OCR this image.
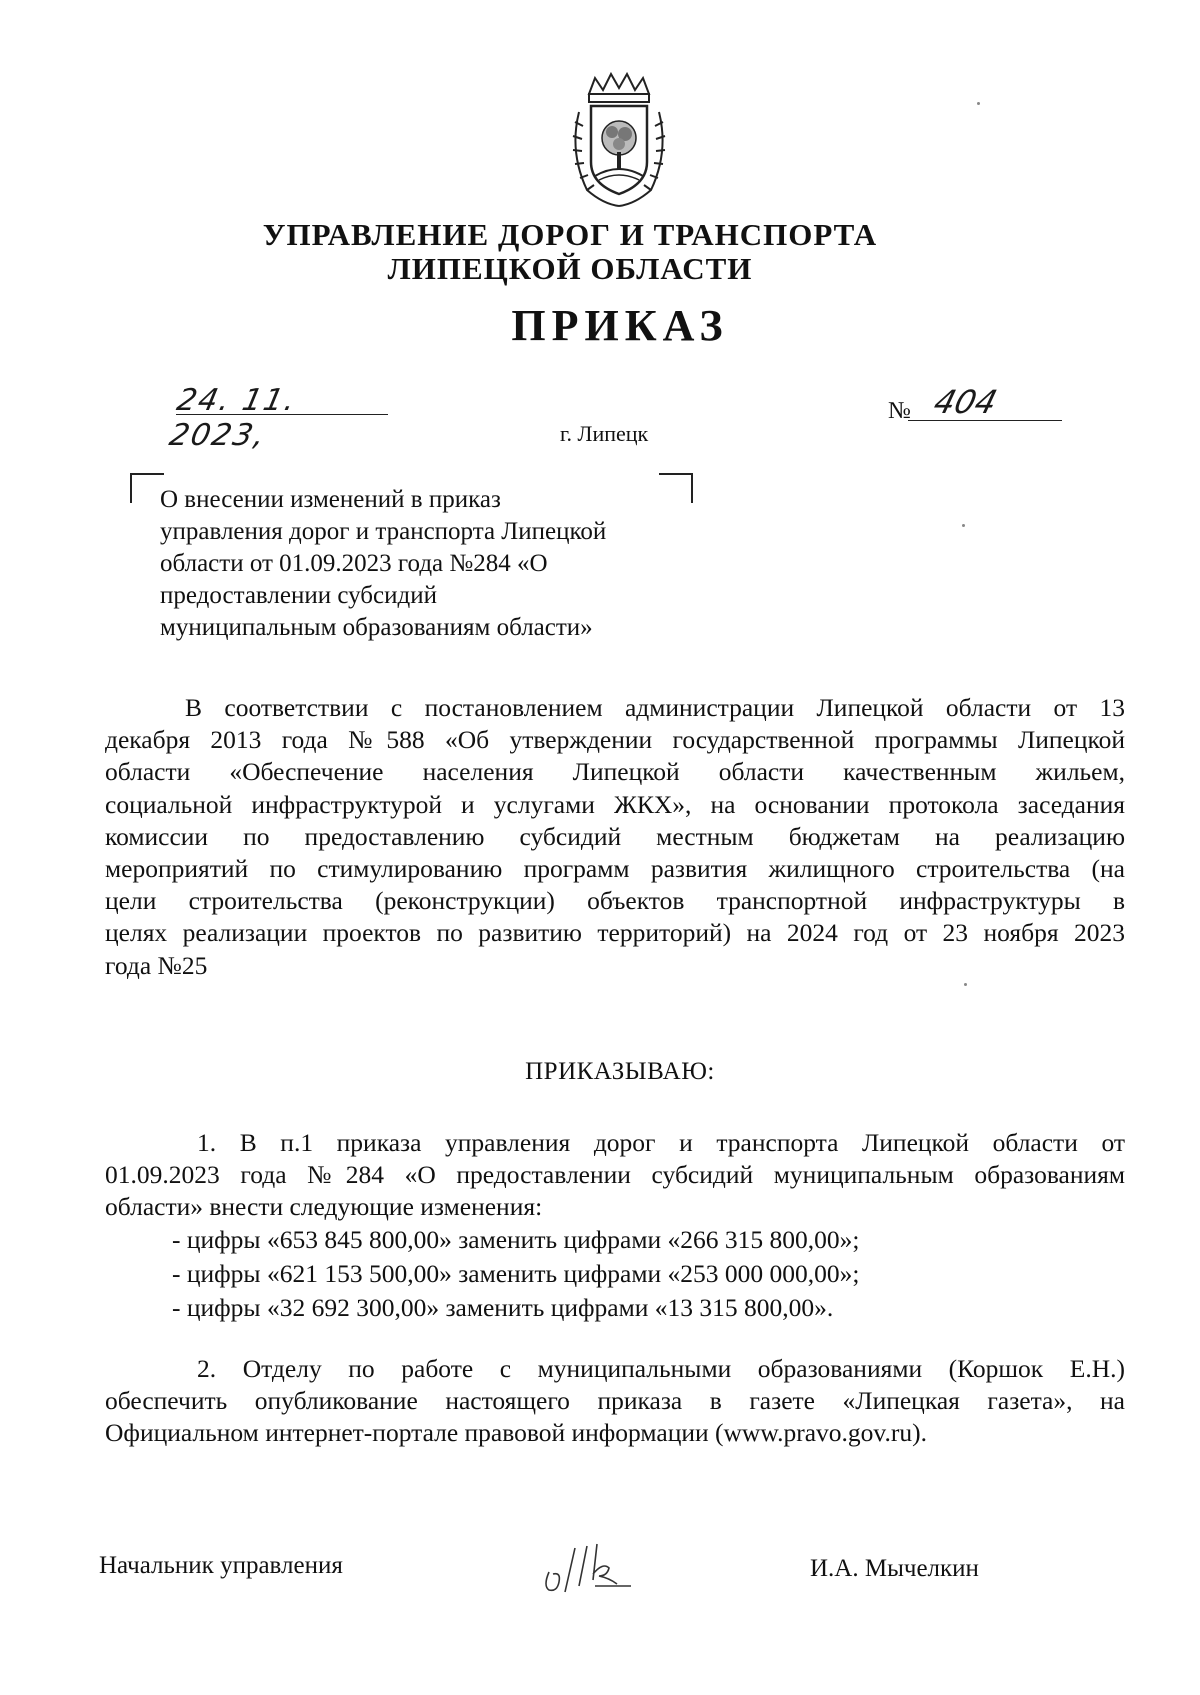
УПРАВЛЕНИЕ ДОРОГ И ТРАНСПОРТА
ЛИПЕЦКОЙ ОБЛАСТИ
ПРИКАЗ
24. 11. 2023,
№ 404
г. Липецк
О внесении изменений в приказ
управления дорог и транспорта Липецкой
области от 01.09.2023 года №284 «О
предоставлении субсидий
муниципальным образованиям области»
В соответствии с постановлением администрации Липецкой области от 13
декабря 2013 года №588 «Об утверждении государственной программы Липецкой
области «Обеспечение населения Липецкой области качественным жильем,
социальной инфраструктурой и услугами ЖКХ», на основании протокола заседания
комиссии по предоставлению субсидий местным бюджетам на реализацию
мероприятий по стимулированию программ развития жилищного строительства (на
цели строительства (реконструкции) объектов транспортной инфраструктуры в
целях реализации проектов по развитию территорий) на 2024 год от 23 ноября 2023
года №25
ПРИКАЗЫВАЮ:
1. В п.1 приказа управления дорог и транспорта Липецкой области от
01.09.2023 года №284 «О предоставлении субсидий муниципальным образованиям
области» внести следующие изменения:
- цифры «653 845 800,00» заменить цифрами «266 315 800,00»;
- цифры «621 153 500,00» заменить цифрами «253 000 000,00»;
- цифры «32 692 300,00» заменить цифрами «13 315 800,00».
2. Отделу по работе с муниципальными образованиями (Коршок Е.Н.)
обеспечить опубликование настоящего приказа в газете «Липецкая газета», на
Официальном интернет-портале правовой информации (www.pravo.gov.ru).
Начальник управления	И.А. Мычелкин
